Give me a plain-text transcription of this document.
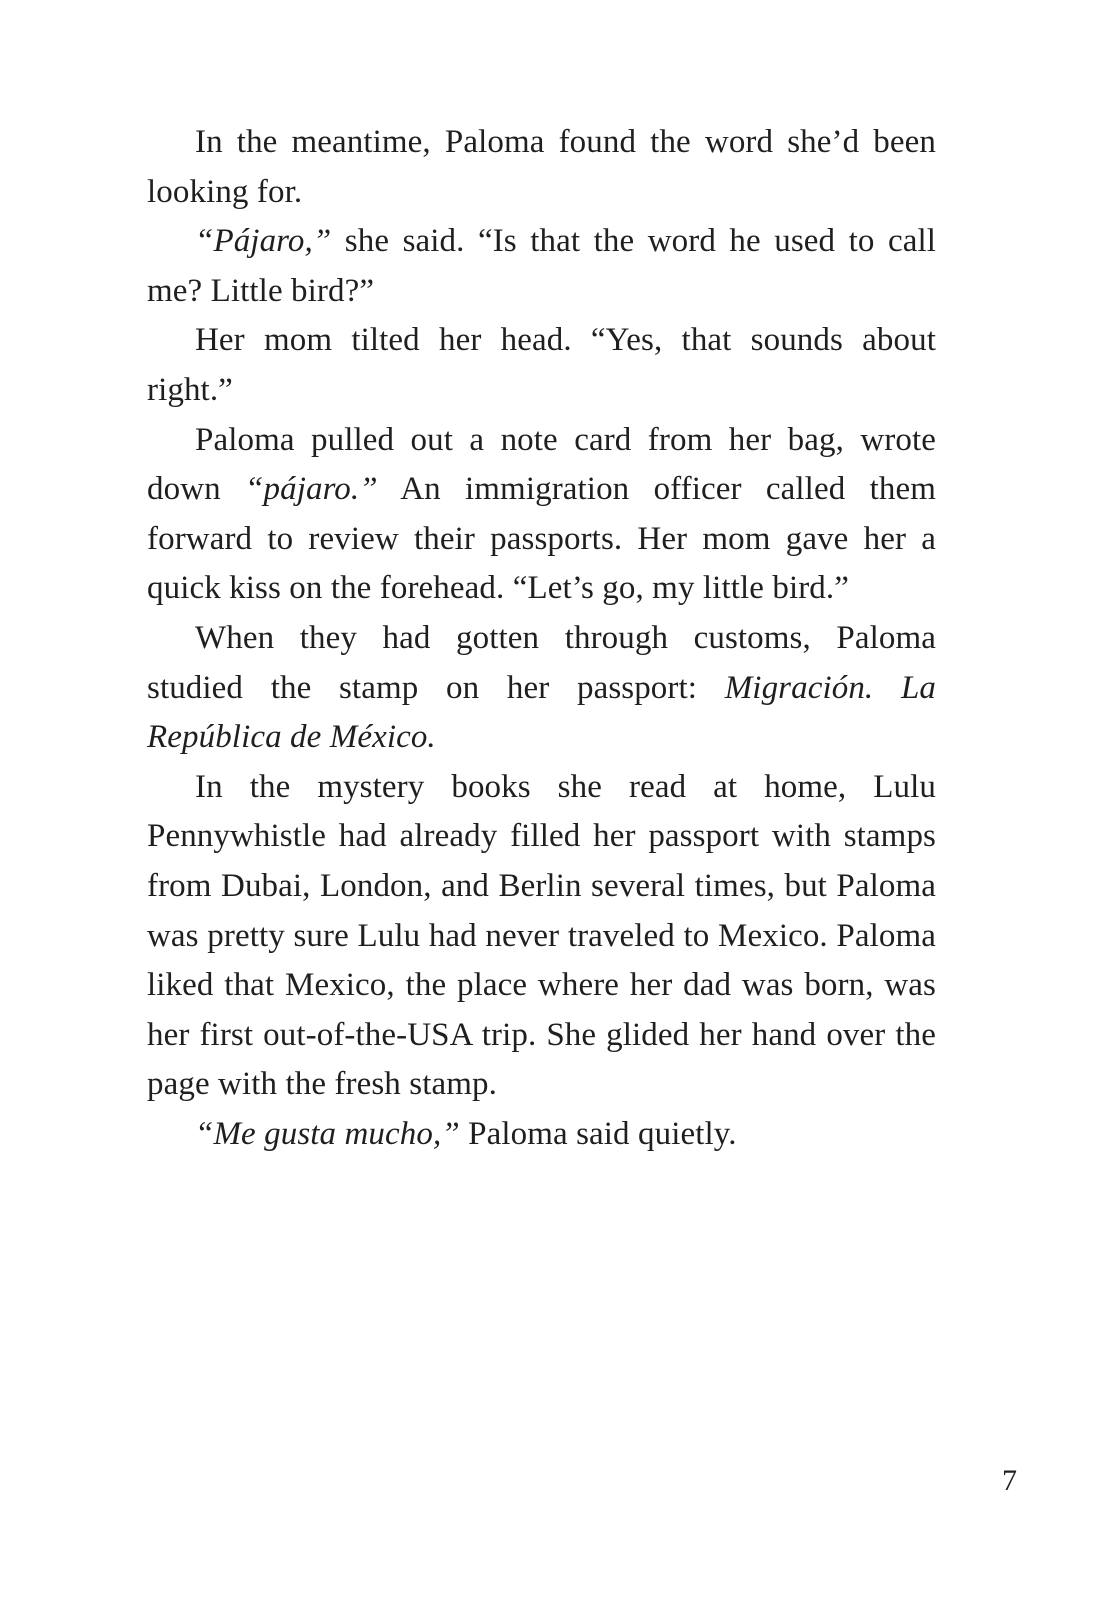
In the meantime, Paloma found the word she’d been looking for.

“Pájaro,” she said. “Is that the word he used to call me? Little bird?”

Her mom tilted her head. “Yes, that sounds about right.”

Paloma pulled out a note card from her bag, wrote down “pájaro.” An immigration officer called them forward to review their passports. Her mom gave her a quick kiss on the forehead. “Let’s go, my little bird.”

When they had gotten through customs, Paloma studied the stamp on her passport: Migración. La República de México.

In the mystery books she read at home, Lulu Pennywhistle had already filled her passport with stamps from Dubai, London, and Berlin several times, but Paloma was pretty sure Lulu had never traveled to Mexico. Paloma liked that Mexico, the place where her dad was born, was her first out-of-the-USA trip. She glided her hand over the page with the fresh stamp.

“Me gusta mucho,” Paloma said quietly.

7
